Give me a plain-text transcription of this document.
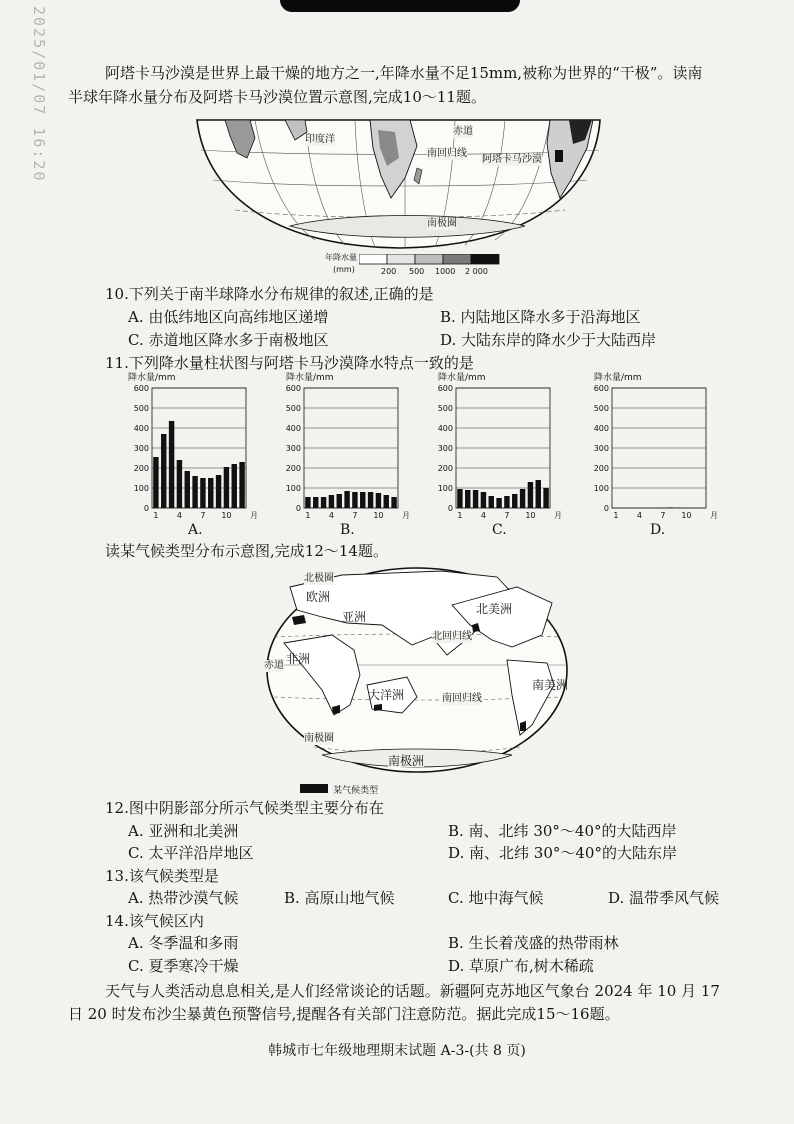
2025/01/07 16:20	阿塔卡马沙漠是世界上最干燥的地方之一,年降水量不足15mm,被称为世界的“干极”。读南
半球年降水量分布及阿塔卡马沙漠位置示意图,完成10～11题。
印度洋
赤道
南回归线
阿塔卡马沙漠
南极圈
年降水量
(mm)	200 500 1000 2 000
10.下列关于南半球降水分布规律的叙述,正确的是
A. 由低纬地区向高纬地区递增	B. 内陆地区降水多于沿海地区
C. 赤道地区降水多于南极地区	D. 大陆东岸的降水少于大陆西岸
11.下列降水量柱状图与阿塔卡马沙漠降水特点一致的是
降水量/mm
0
100
200
300
400
500
600
1 4 7 10 月
A.
降水量/mm
0
100
200
300
400
500
600
1 4 7 10 月
B.
降水量/mm
0
100
200
300
400
500
600
1 4 7 10 月
C.
降水量/mm
0
100
200
300
400
500
600
1 4 7 10 月
D.
读某气候类型分布示意图,完成12～14题。
北极圈
欧洲
亚洲
北美洲
北回归线
赤道 非洲
大洋洲
南美洲
南回归线
南极圈
南极洲
某气候类型
12.图中阴影部分所示气候类型主要分布在
A. 亚洲和北美洲	B. 南、北纬 30°～40°的大陆西岸
C. 太平洋沿岸地区	D. 南、北纬 30°～40°的大陆东岸
13.该气候类型是
A. 热带沙漠气候	B. 高原山地气候	C. 地中海气候	D. 温带季风气候
14.该气候区内
A. 冬季温和多雨	B. 生长着茂盛的热带雨林
C. 夏季寒冷干燥	D. 草原广布,树木稀疏
天气与人类活动息息相关,是人们经常谈论的话题。新疆阿克苏地区气象台 2024 年 10 月 17
日 20 时发布沙尘暴黄色预警信号,提醒各有关部门注意防范。据此完成15～16题。
韩城市七年级地理期末试题 A-3-(共 8 页)
